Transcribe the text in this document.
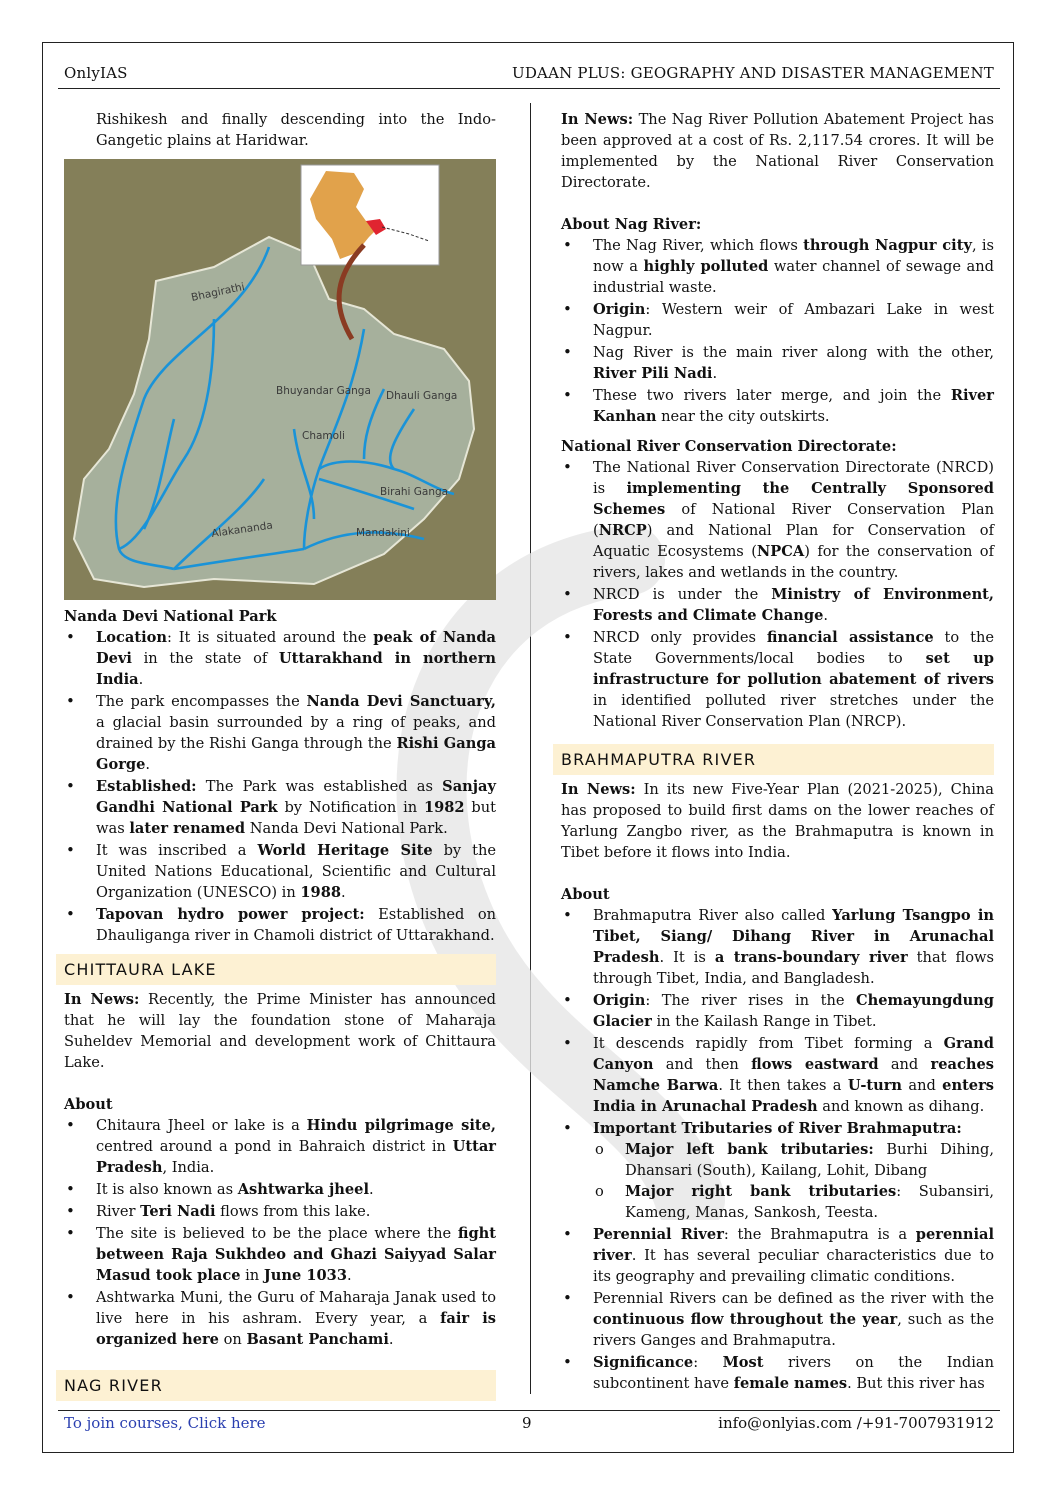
OnlyIAS	UDAAN PLUS: GEOGRAPHY AND DISASTER MANAGEMENT
To join courses, Click here	9	info@onlyias.com /+91-7007931912

Rishikesh and finally descending into the Indo-Gangetic plains at Haridwar.

Bhagirathi
Bhuyandar Ganga Dhauli Ganga
Chamoli
Birahi Ganga
Alakananda	Mandakini

Nanda Devi National Park

• Location: It is situated around the peak of Nanda Devi in the state of Uttarakhand in northern India.
• The park encompasses the Nanda Devi Sanctuary, a glacial basin surrounded by a ring of peaks, and drained by the Rishi Ganga through the Rishi Ganga Gorge.
• Established: The Park was established as Sanjay Gandhi National Park by Notification in 1982 but was later renamed Nanda Devi National Park.
• It was inscribed a World Heritage Site by the United Nations Educational, Scientific and Cultural Organization (UNESCO) in 1988.
• Tapovan hydro power project: Established on Dhauliganga river in Chamoli district of Uttarakhand.
CHITTAURA LAKE

In News: Recently, the Prime Minister has announced that he will lay the foundation stone of Maharaja Suheldev Memorial and development work of Chittaura Lake.

About

• Chitaura Jheel or lake is a Hindu pilgrimage site, centred around a pond in Bahraich district in Uttar Pradesh, India.
• It is also known as Ashtwarka jheel.
• River Teri Nadi flows from this lake.
• The site is believed to be the place where the fight between Raja Sukhdeo and Ghazi Saiyyad Salar Masud took place in June 1033.
• Ashtwarka Muni, the Guru of Maharaja Janak used to live here in his ashram. Every year, a fair is organized here on Basant Panchami.
NAG RIVER

In News: The Nag River Pollution Abatement Project has been approved at a cost of Rs. 2,117.54 crores. It will be implemented by the National River Conservation Directorate.

About Nag River:

• The Nag River, which flows through Nagpur city, is now a highly polluted water channel of sewage and industrial waste.
• Origin: Western weir of Ambazari Lake in west Nagpur.
• Nag River is the main river along with the other, River Pili Nadi.
• These two rivers later merge, and join the River Kanhan near the city outskirts.

National River Conservation Directorate:

• The National River Conservation Directorate (NRCD) is implementing the Centrally Sponsored Schemes of National River Conservation Plan (NRCP) and National Plan for Conservation of Aquatic Ecosystems (NPCA) for the conservation of rivers, lakes and wetlands in the country.
• NRCD is under the Ministry of Environment, Forests and Climate Change.
• NRCD only provides financial assistance to the State Governments/local bodies to set up infrastructure for pollution abatement of rivers in identified polluted river stretches under the National River Conservation Plan (NRCP).
BRAHMAPUTRA RIVER

In News: In its new Five-Year Plan (2021-2025), China has proposed to build first dams on the lower reaches of Yarlung Zangbo river, as the Brahmaputra is known in Tibet before it flows into India.

About

• Brahmaputra River also called Yarlung Tsangpo in Tibet, Siang/ Dihang River in Arunachal Pradesh. It is a trans-boundary river that flows through Tibet, India, and Bangladesh.
• Origin: The river rises in the Chemayungdung Glacier in the Kailash Range in Tibet.
• It descends rapidly from Tibet forming a Grand Canyon and then flows eastward and reaches Namche Barwa. It then takes a U-turn and enters India in Arunachal Pradesh and known as dihang.
• Important Tributaries of River Brahmaputra:
o Major left bank tributaries: Burhi Dihing, Dhansari (South), Kailang, Lohit, Dibang
o Major right bank tributaries: Subansiri, Kameng, Manas, Sankosh, Teesta.
• Perennial River: the Brahmaputra is a perennial river. It has several peculiar characteristics due to its geography and prevailing climatic conditions.
• Perennial Rivers can be defined as the river with the continuous flow throughout the year, such as the rivers Ganges and Brahmaputra.
• Significance: Most rivers on the Indian subcontinent have female names. But this river has
